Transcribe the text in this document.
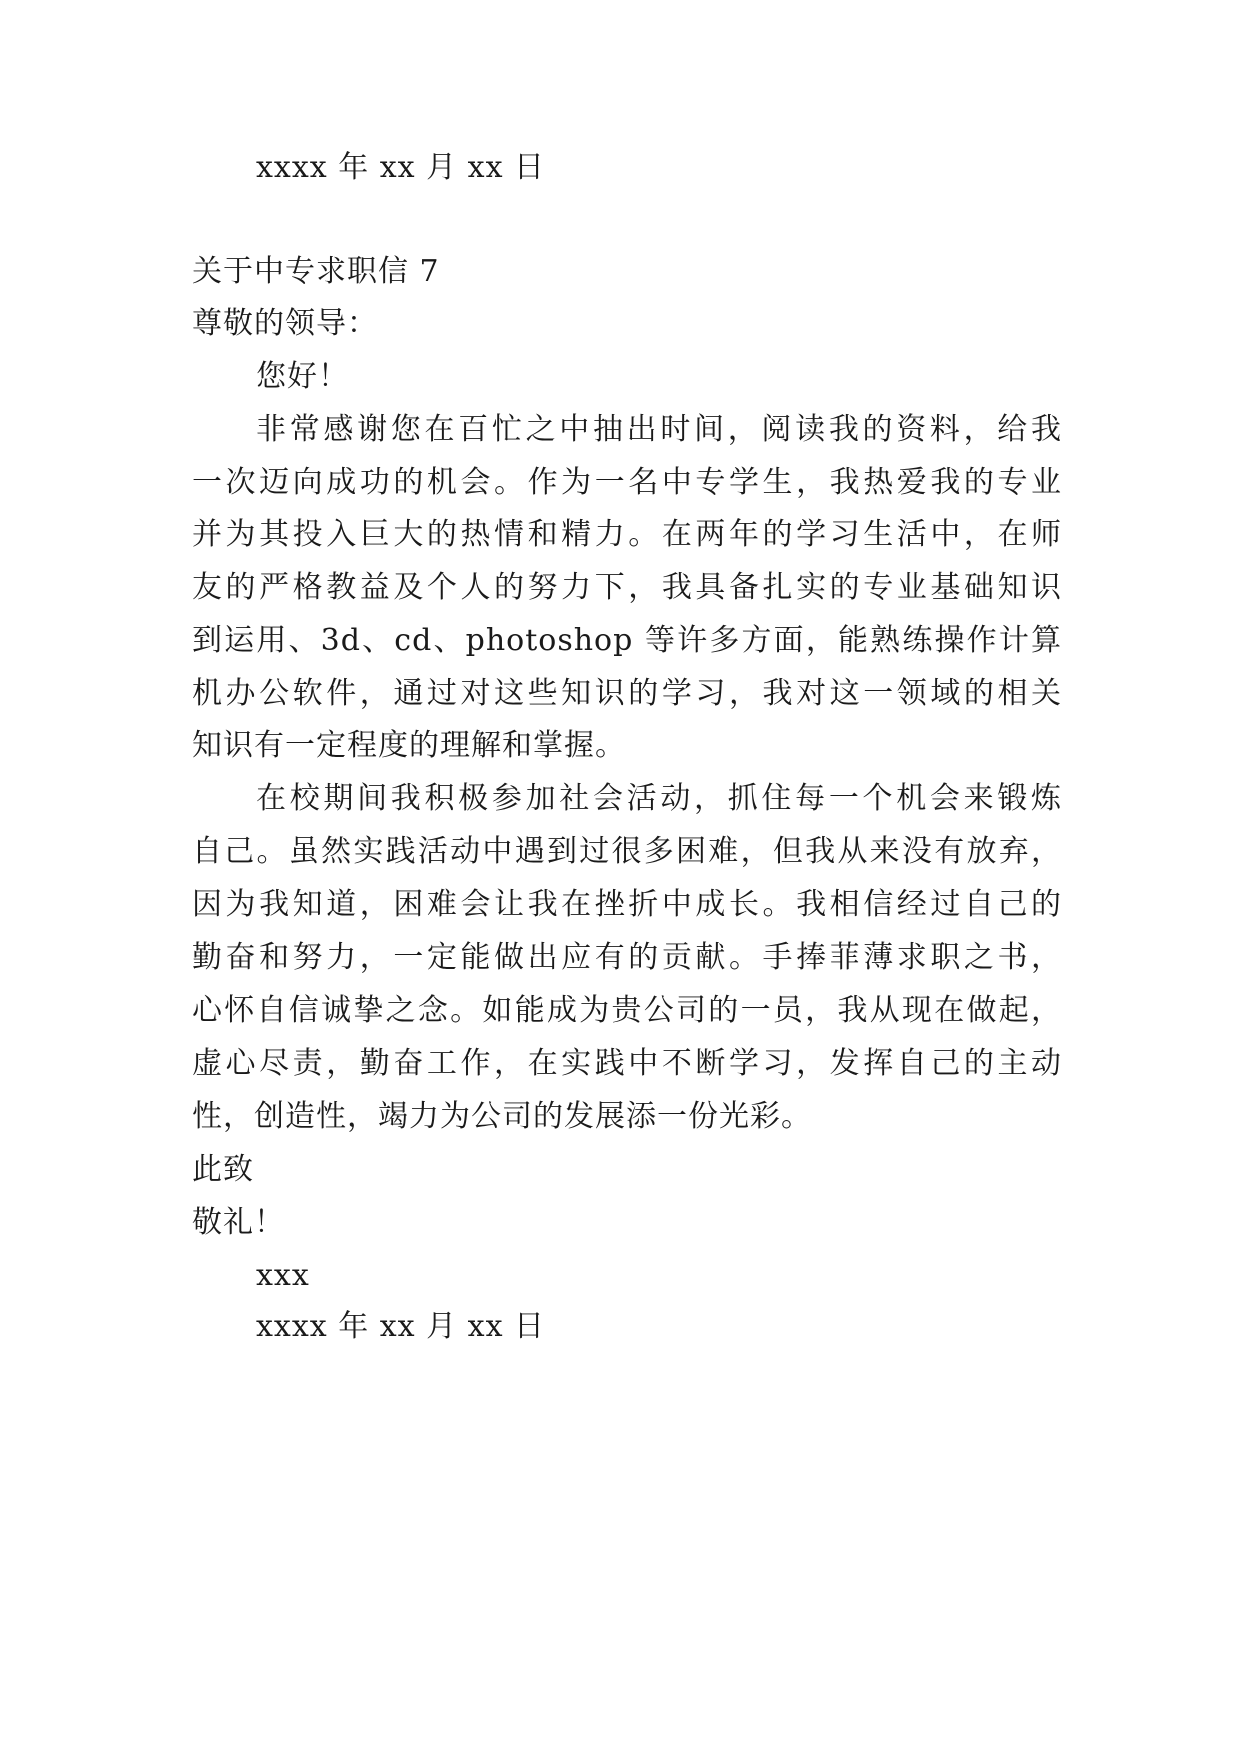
xxxx 年 xx 月 xx 日
关于中专求职信 7
尊敬的领导：
您好！
非常感谢您在百忙之中抽出时间，阅读我的资料，给我
一次迈向成功的机会。作为一名中专学生，我热爱我的专业
并为其投入巨大的热情和精力。在两年的学习生活中，在师
友的严格教益及个人的努力下，我具备扎实的专业基础知识
到运用、3d、cd、photoshop 等许多方面，能熟练操作计算
机办公软件，通过对这些知识的学习，我对这一领域的相关
知识有一定程度的理解和掌握。
在校期间我积极参加社会活动，抓住每一个机会来锻炼
自己。虽然实践活动中遇到过很多困难，但我从来没有放弃，
因为我知道，困难会让我在挫折中成长。我相信经过自己的
勤奋和努力，一定能做出应有的贡献。手捧菲薄求职之书，
心怀自信诚挚之念。如能成为贵公司的一员，我从现在做起，
虚心尽责，勤奋工作，在实践中不断学习，发挥自己的主动
性，创造性，竭力为公司的发展添一份光彩。
此致
敬礼！
xxx
xxxx 年 xx 月 xx 日
